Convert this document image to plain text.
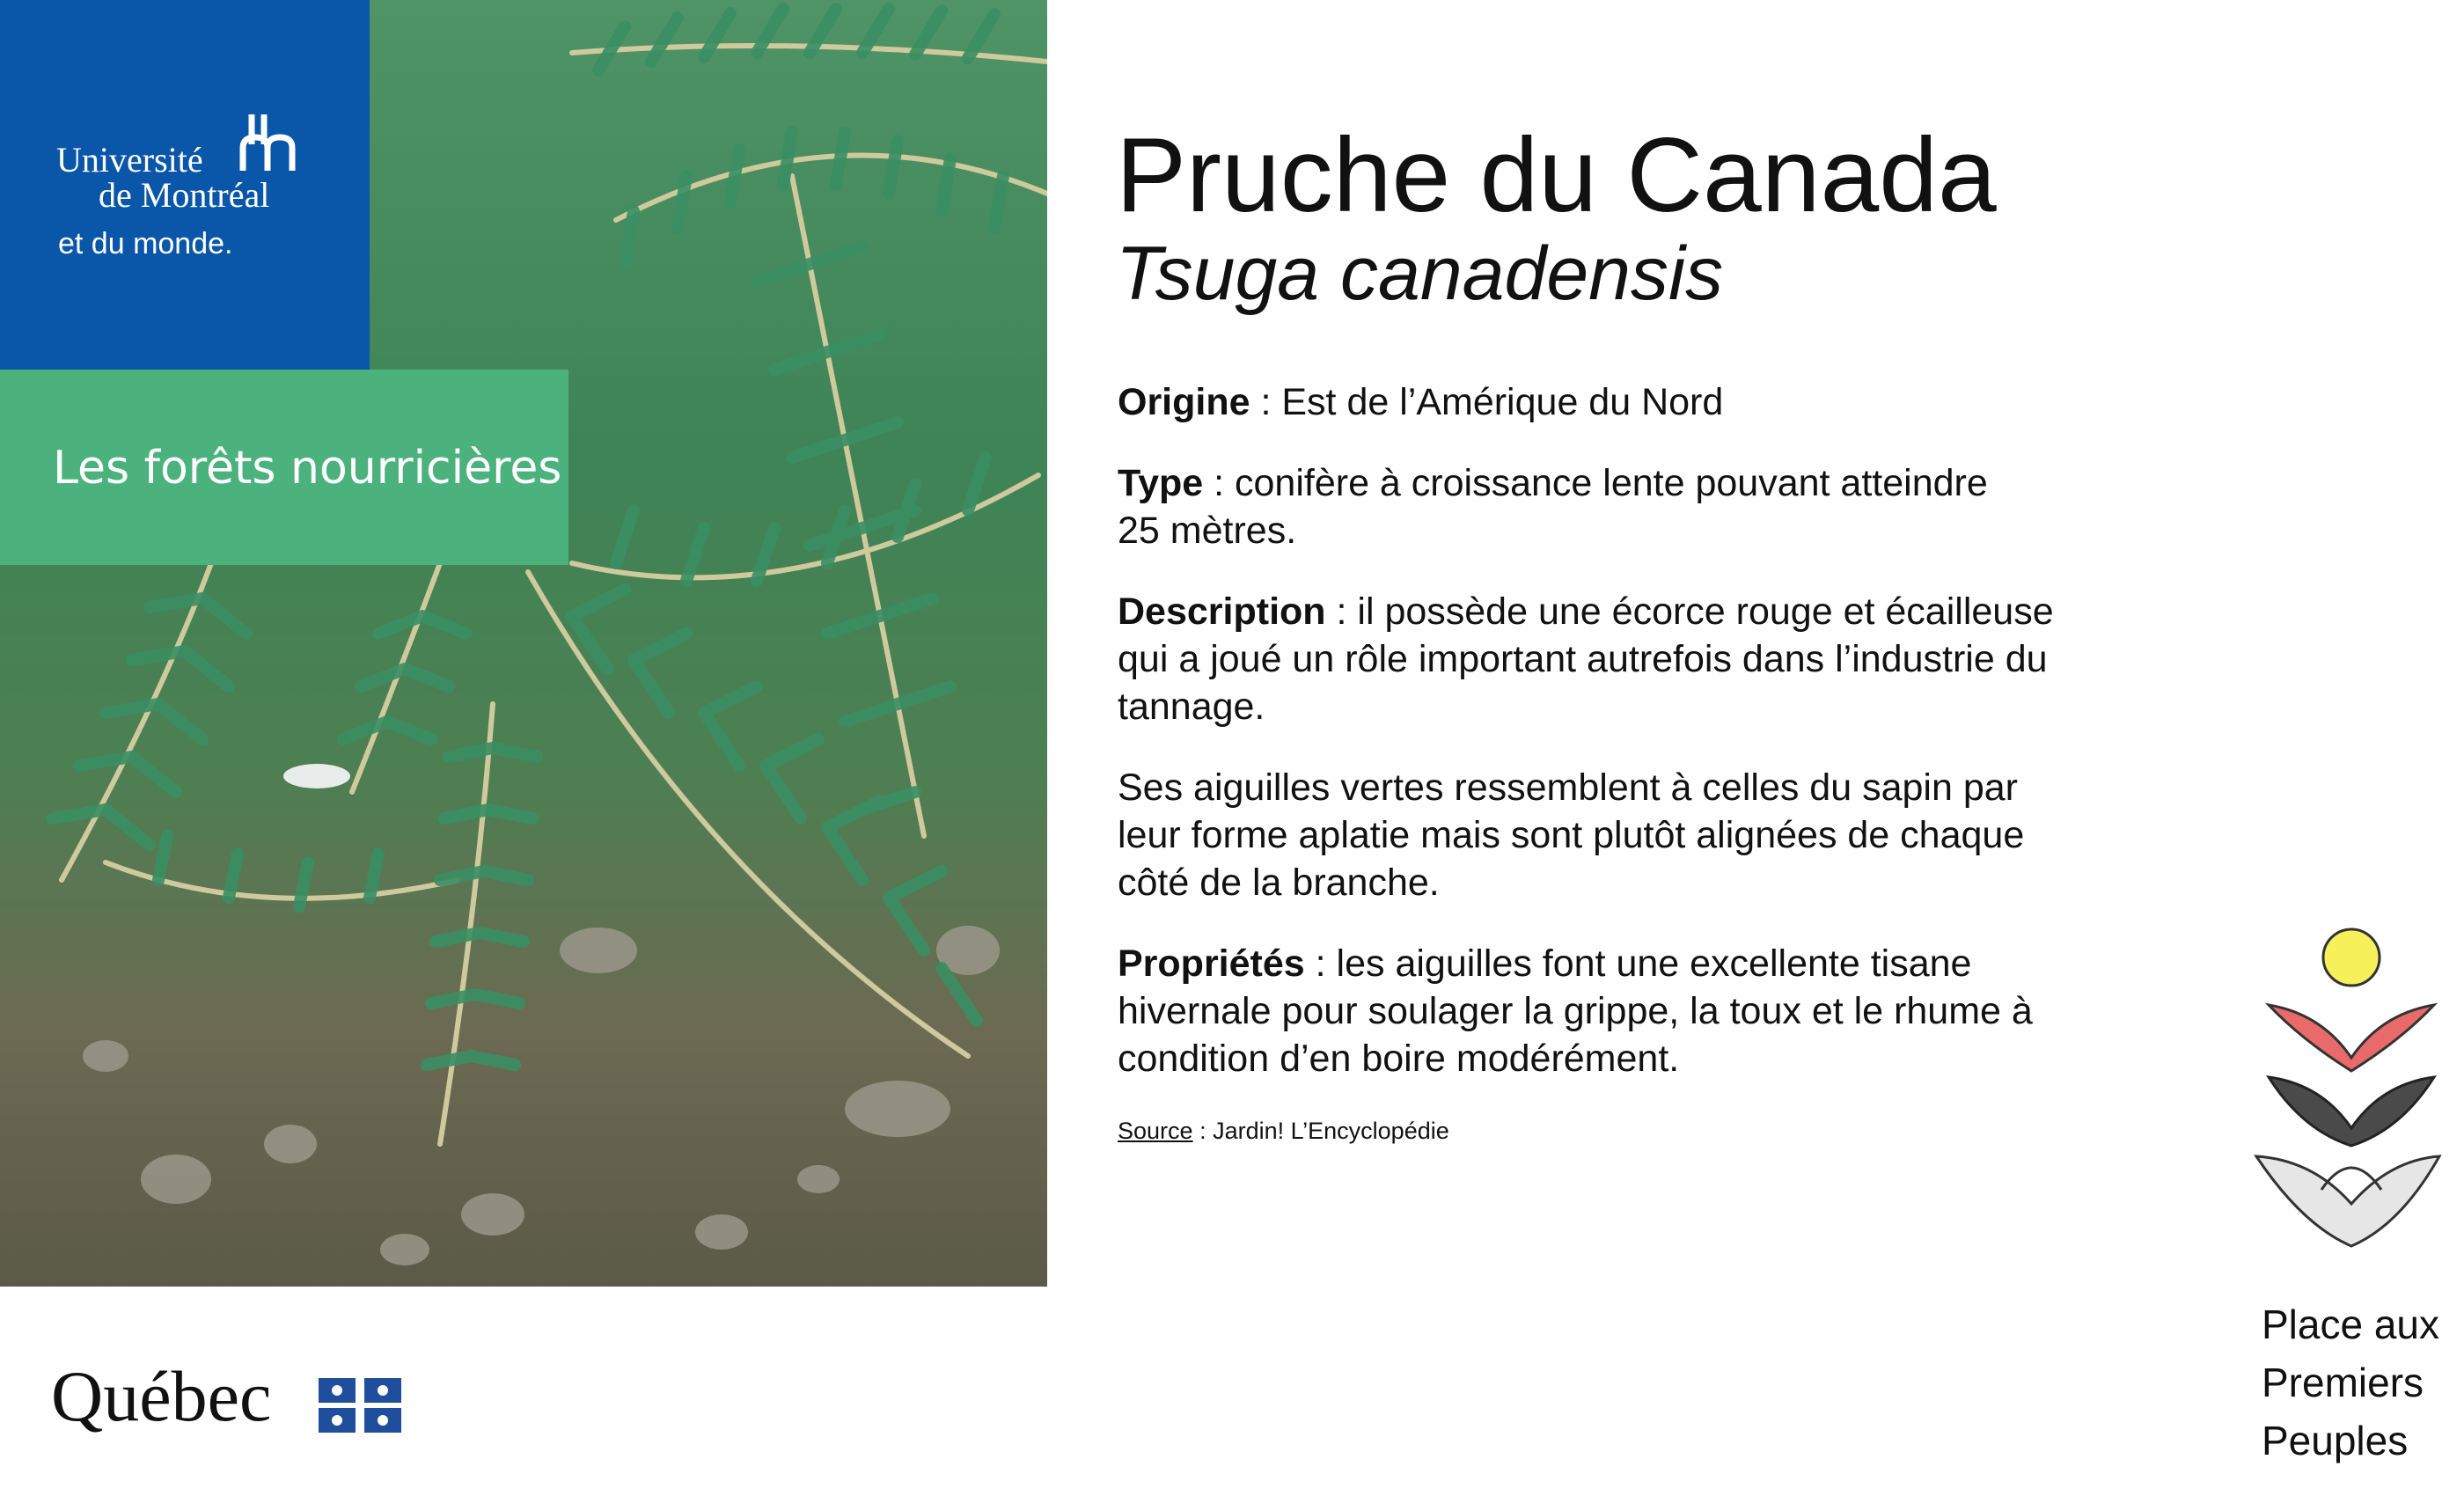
Université
de Montréal
et du monde.
Les forêts nourricières
Pruche du Canada
Tsuga canadensis

Origine : Est de l’Amérique du Nord

Type : conifère à croissance lente pouvant atteindre
25 mètres.

Description : il possède une écorce rouge et écailleuse
qui a joué un rôle important autrefois dans l’industrie du
tannage.

Ses aiguilles vertes ressemblent à celles du sapin par
leur forme aplatie mais sont plutôt alignées de chaque
côté de la branche.

Propriétés : les aiguilles font une excellente tisane
hivernale pour soulager la grippe, la toux et le rhume à
condition d’en boire modérément.

Source : Jardin! L’Encyclopédie
Québec
Place aux
Premiers
Peuples
